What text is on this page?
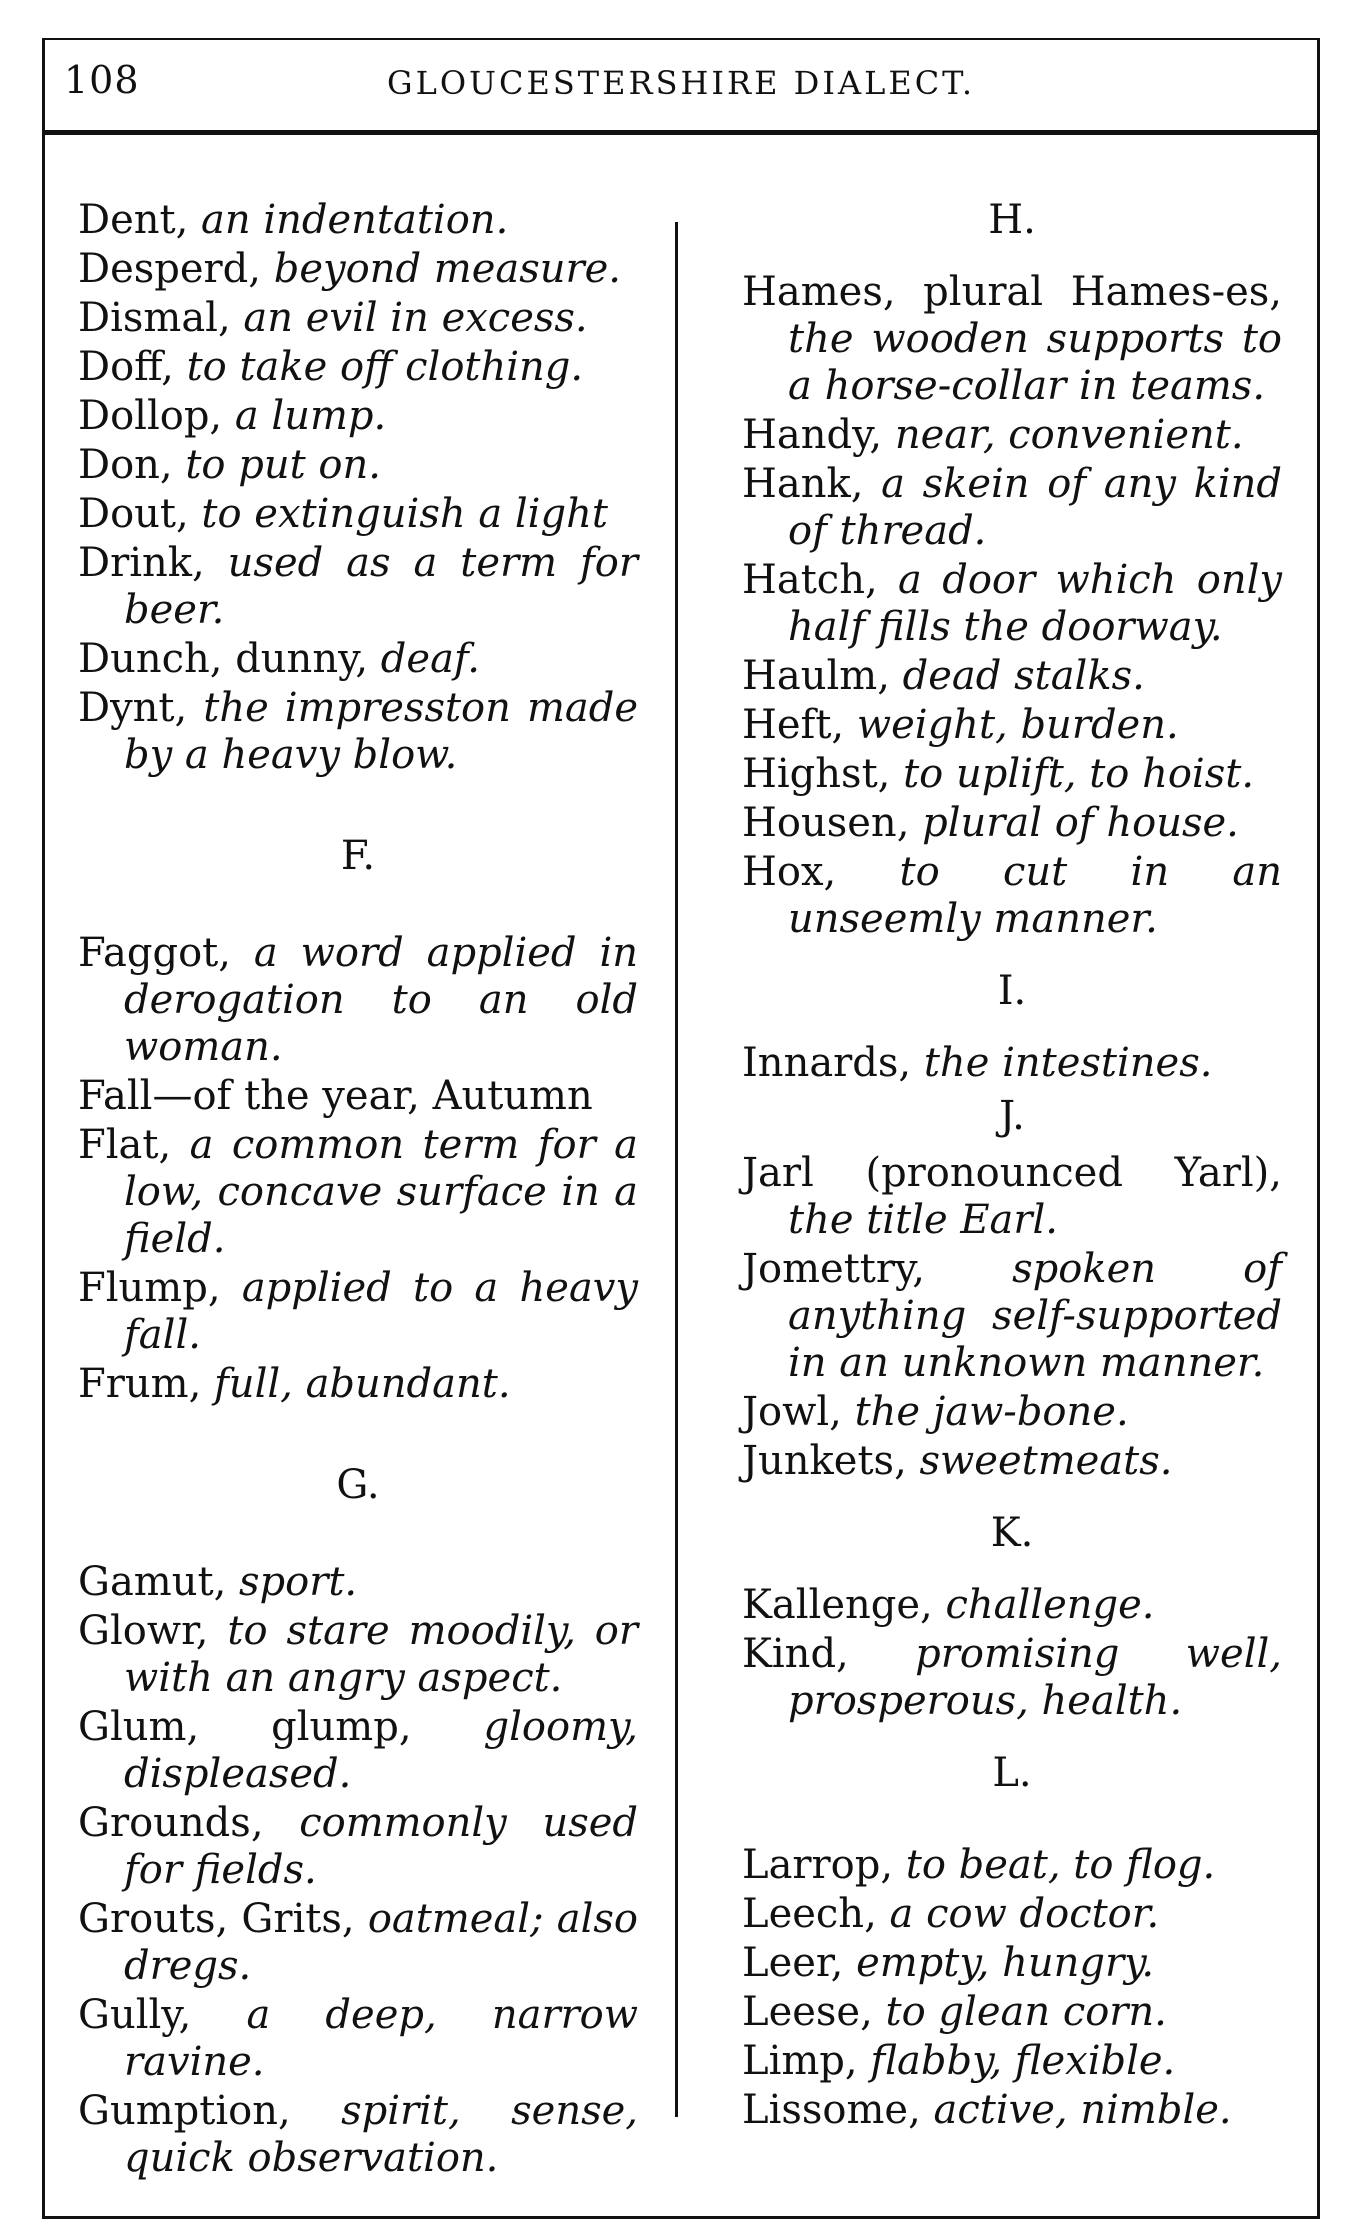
108	GLOUCESTERSHIRE DIALECT.

Dent, an indentation.

Desperd, beyond measure.

Dismal, an evil in excess.

Doff, to take off clothing.

Dollop, a lump.

Don, to put on.

Dout, to extinguish a light

Drink, used as a term for beer.

Dunch, dunny, deaf.

Dynt, the impresston made by a heavy blow.

F.

Faggot, a word applied in derogation to an old woman.

Fall—of the year, Autumn

Flat, a common term for a low, concave surface in a field.

Flump, applied to a heavy fall.

Frum, full, abundant.

G.

Gamut, sport.

Glowr, to stare moodily, or with an angry aspect.

Glum, glump, gloomy, displeased.

Grounds, commonly used for fields.

Grouts, Grits, oatmeal; also dregs.

Gully, a deep, narrow ravine.

Gumption, spirit, sense, quick observation.

H.

Hames, plural Hames-es, the wooden supports to a horse-collar in teams.

Handy, near, convenient.

Hank, a skein of any kind of thread.

Hatch, a door which only half fills the doorway.

Haulm, dead stalks.

Heft, weight, burden.

Highst, to uplift, to hoist.

Housen, plural of house.

Hox, to cut in an unseemly manner.

I.

Innards, the intestines.

J.

Jarl (pronounced Yarl), the title Earl.

Jomettry, spoken of anything self-supported in an unknown manner.

Jowl, the jaw-bone.

Junkets, sweetmeats.

K.

Kallenge, challenge.

Kind, promising well, prosperous, health.

L.

Larrop, to beat, to flog.

Leech, a cow doctor.

Leer, empty, hungry.

Leese, to glean corn.

Limp, flabby, flexible.

Lissome, active, nimble.
